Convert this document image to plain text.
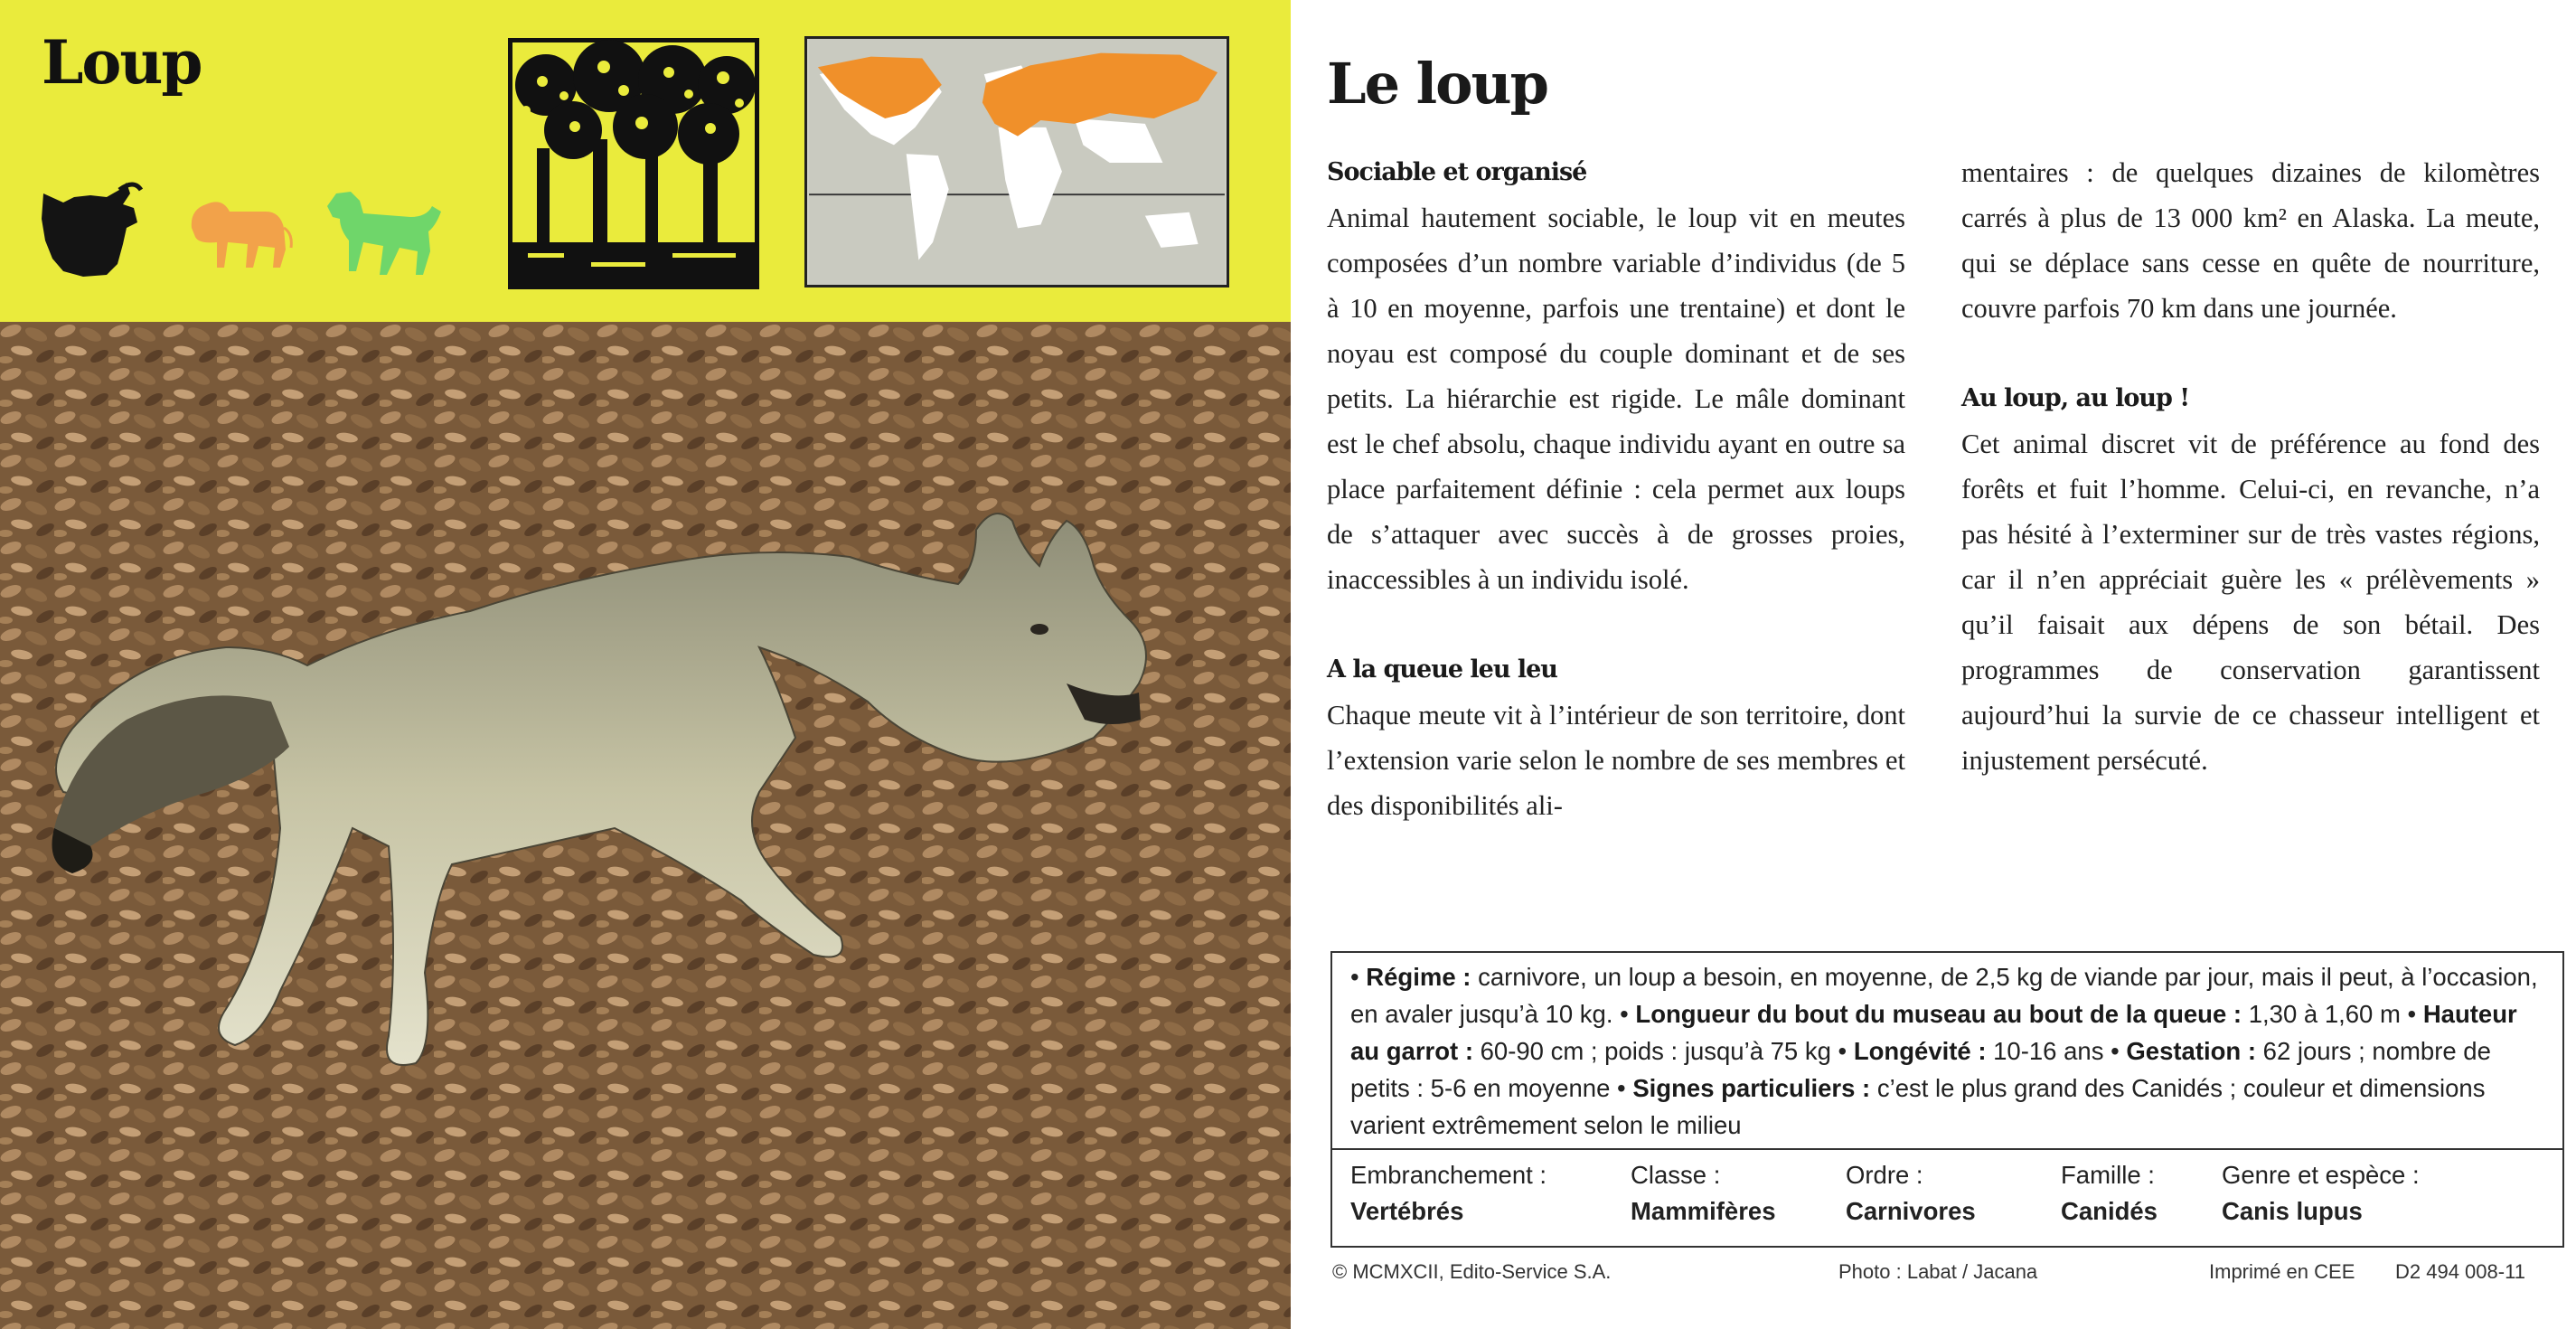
Loup	Le loup
Sociable et organisé

Animal hautement sociable, le loup vit en meutes composées d’un nombre variable d’individus (de 5 à 10 en moyenne, parfois une trentaine) et dont le noyau est composé du couple dominant et de ses petits. La hiérarchie est rigide. Le mâle dominant est le chef absolu, chaque individu ayant en outre sa place parfaitement définie : cela permet aux loups de s’attaquer avec succès à de grosses proies, inaccessibles à un individu isolé.

A la queue leu leu

Chaque meute vit à l’intérieur de son territoire, dont l’extension varie selon le nombre de ses membres et des disponibilités ali-

mentaires : de quelques dizaines de kilomètres carrés à plus de 13 000 km² en Alaska. La meute, qui se déplace sans cesse en quête de nourriture, couvre parfois 70 km dans une journée.

Au loup, au loup !

Cet animal discret vit de préférence au fond des forêts et fuit l’homme. Celui-ci, en revanche, n’a pas hésité à l’exterminer sur de très vastes régions, car il n’en appréciait guère les « prélèvements » qu’il faisait aux dépens de son bétail. Des programmes de conservation garantissent aujourd’hui la survie de ce chasseur intelligent et injustement persécuté.

• Régime : carnivore, un loup a besoin, en moyenne, de 2,5 kg de viande par jour, mais il peut, à l’occasion, en avaler jusqu’à 10 kg. • Longueur du bout du museau au bout de la queue : 1,30 à 1,60 m • Hauteur au garrot : 60-90 cm ; poids : jusqu’à 75 kg • Longévité : 10-16 ans • Gestation : 62 jours ; nombre de petits : 5-6 en moyenne • Signes particuliers : c’est le plus grand des Canidés ; couleur et dimensions varient extrêmement selon le milieu
Embranchement :
Vertébrés
Classe :
Mammifères
Ordre :
Carnivores
Famille :
Canidés
Genre et espèce :
Canis lupus
© MCMXCII, Edito-Service S.A.	Photo : Labat / Jacana	Imprimé en CEE D2 494 008-11
